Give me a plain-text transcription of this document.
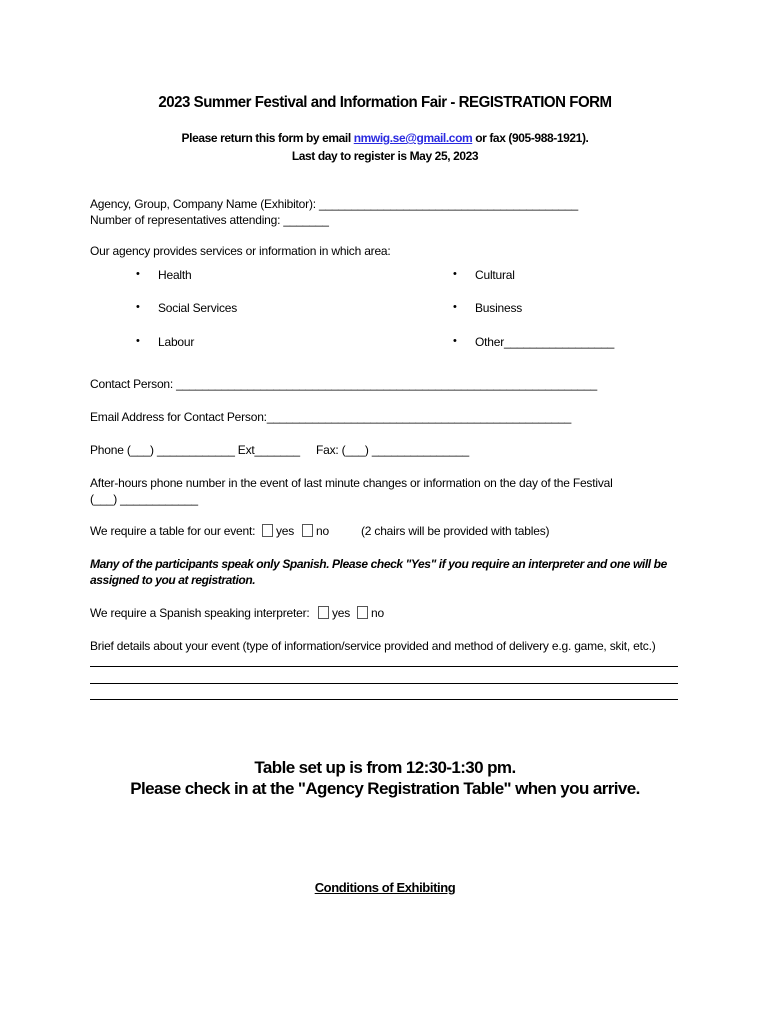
2023 Summer Festival and Information Fair - REGISTRATION FORM
Please return this form by email nmwig.se@gmail.com or fax (905-988-1921).
Last day to register is May 25, 2023
Agency, Group, Company Name (Exhibitor): ________________________________________
Number of representatives attending: _______
Our agency provides services or information in which area:
• Health	• Cultural
• Social Services	• Business
• Labour	• Other_________________
Contact Person: _________________________________________________________________
Email Address for Contact Person:_______________________________________________
Phone (___) ____________ Ext_______ Fax: (___) _______________
After-hours phone number in the event of last minute changes or information on the day of the Festival
(___) ____________
We require a table for our event:	yes	no	(2 chairs will be provided with tables)
Many of the participants speak only Spanish. Please check "Yes" if you require an interpreter and one will be
assigned to you at registration.
We require a Spanish speaking interpreter:	yes	no
Brief details about your event (type of information/service provided and method of delivery e.g. game, skit, etc.)
Table set up is from 12:30-1:30 pm.
Please check in at the "Agency Registration Table" when you arrive.
Conditions of Exhibiting
